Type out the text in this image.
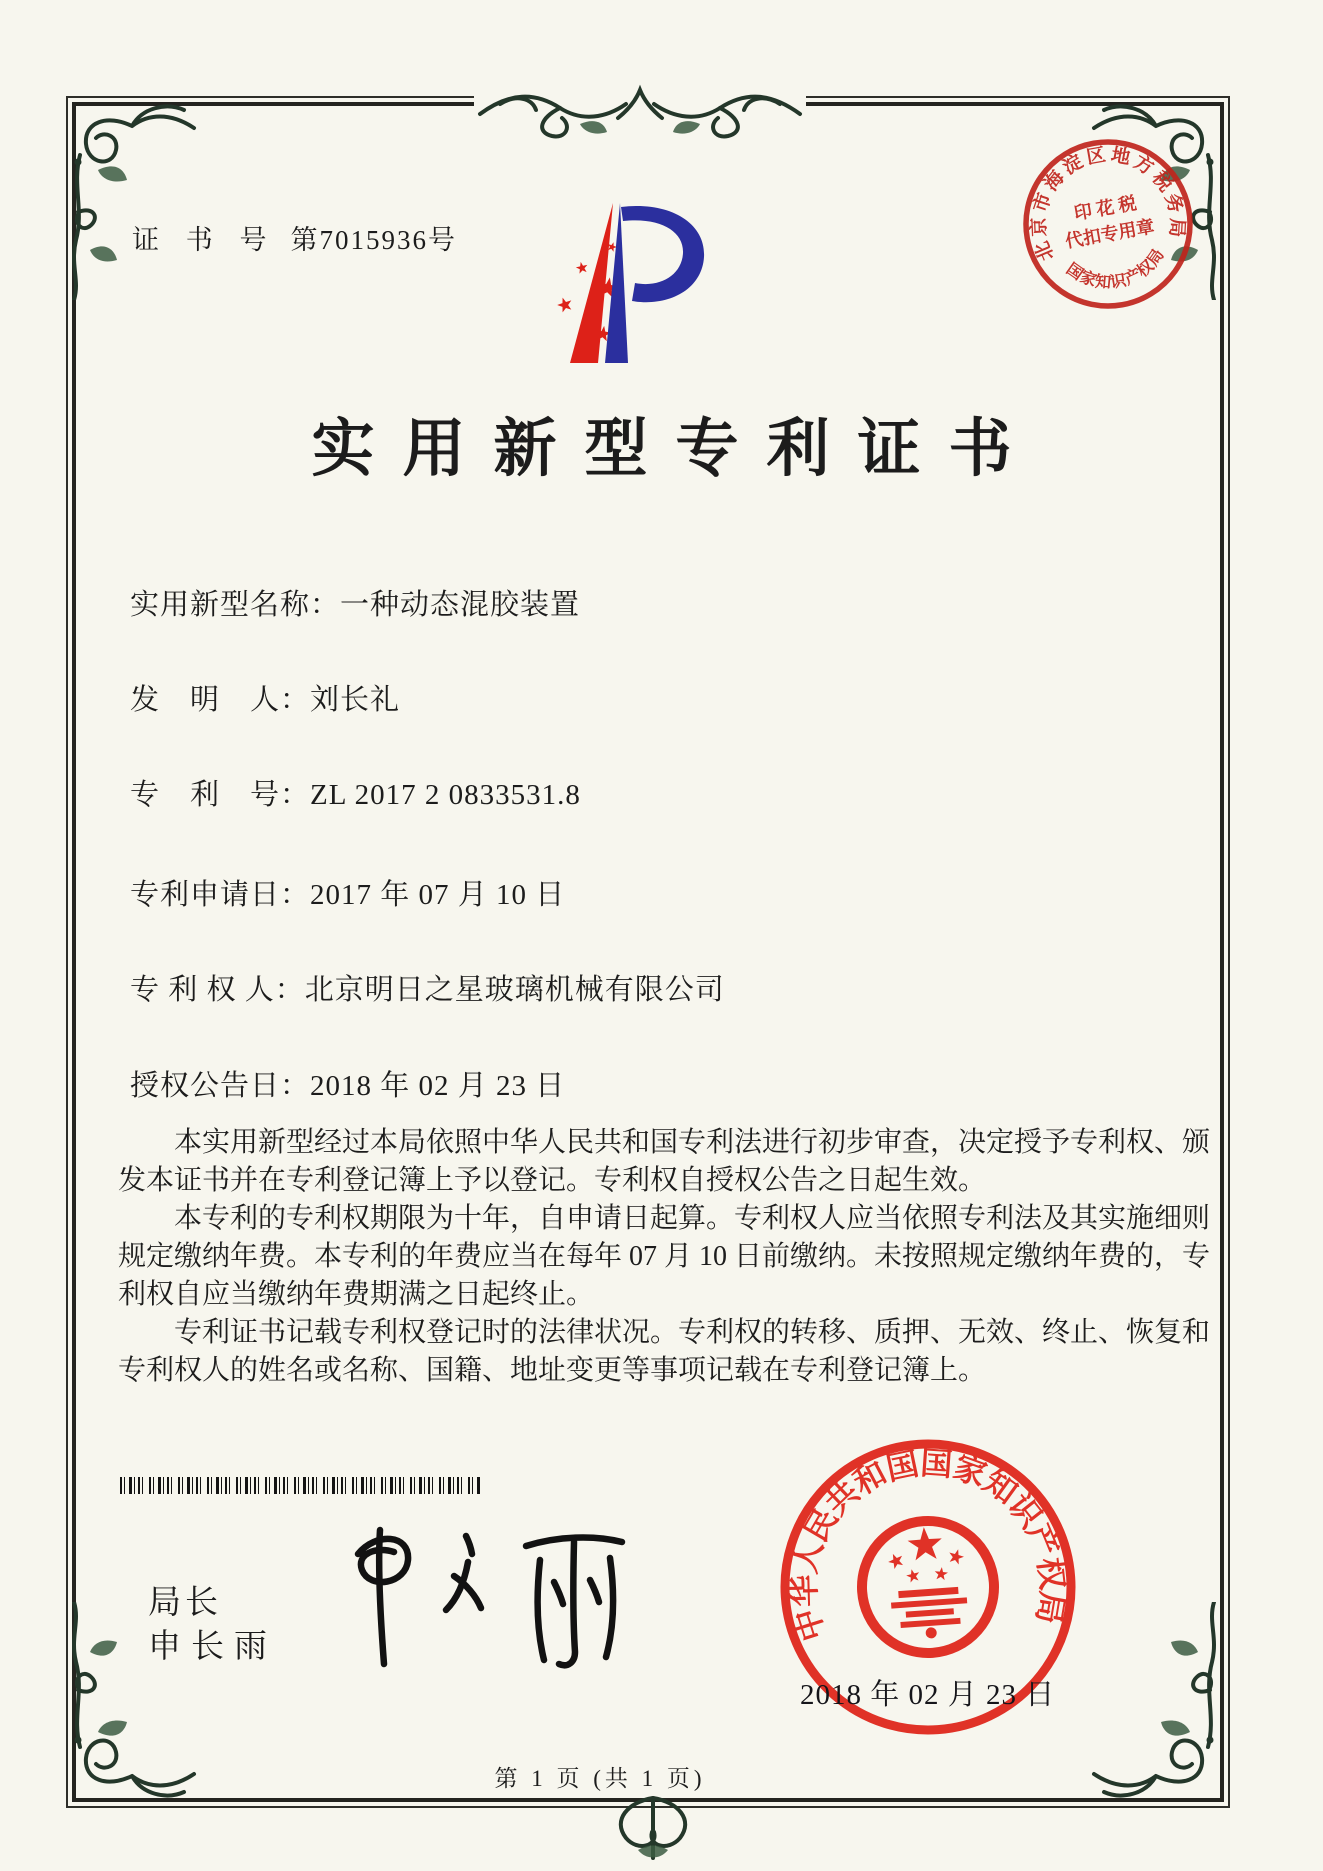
证 书 号 第7015936号	北京市海淀区地方税务局
印 花 税
代扣专用章
国家知识产权局
实用新型专利证书
实用新型名称：一种动态混胶装置
发　明　人：刘长礼
专　利　号：ZL 2017 2 0833531.8
专利申请日：2017 年 07 月 10 日
专 利 权 人：北京明日之星玻璃机械有限公司
授权公告日：2018 年 02 月 23 日

本实用新型经过本局依照中华人民共和国专利法进行初步审查，决定授予专利权、颁发本证书并在专利登记簿上予以登记。专利权自授权公告之日起生效。

本专利的专利权期限为十年，自申请日起算。专利权人应当依照专利法及其实施细则规定缴纳年费。本专利的年费应当在每年 07 月 10 日前缴纳。未按照规定缴纳年费的，专利权自应当缴纳年费期满之日起终止。

专利证书记载专利权登记时的法律状况。专利权的转移、质押、无效、终止、恢复和专利权人的姓名或名称、国籍、地址变更等事项记载在专利登记簿上。

局长
申长雨
中华人民共和国国家知识产权局
2018 年 02 月 23 日
第 1 页 (共 1 页)
